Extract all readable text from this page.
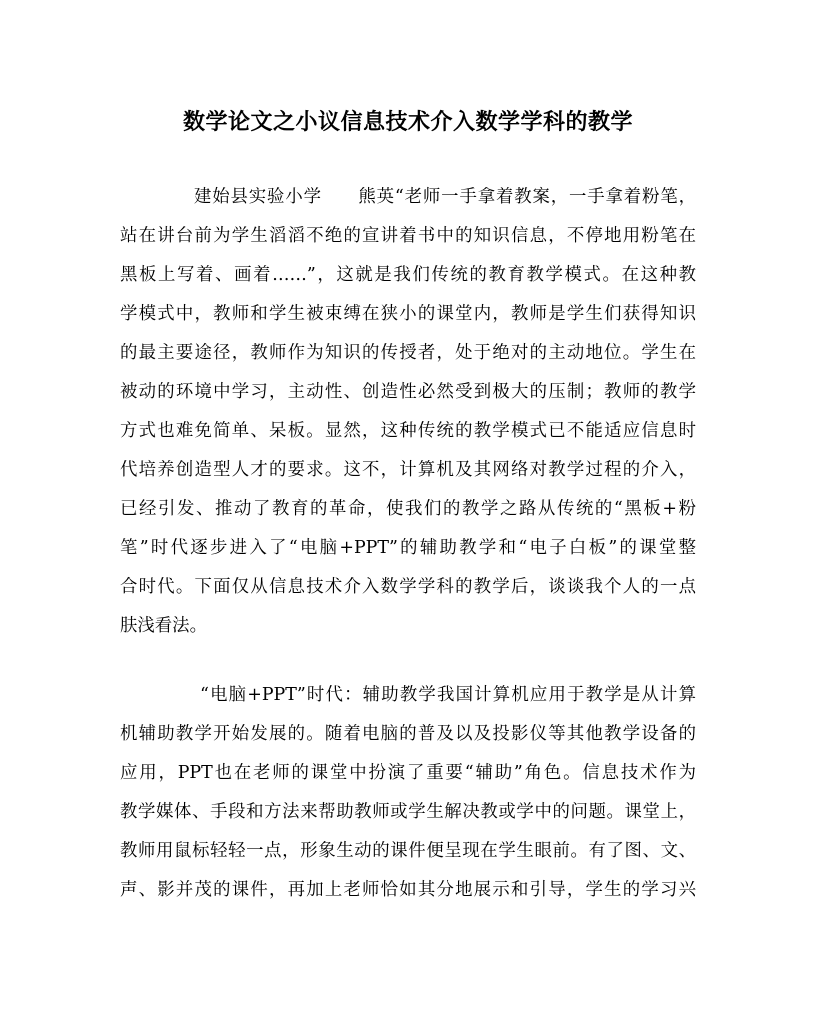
数学论文之小议信息技术介入数学学科的教学
建始县实验小学　　熊英“老师一手拿着教案，一手拿着粉笔，
站在讲台前为学生滔滔不绝的宣讲着书中的知识信息，不停地用粉笔在
黑板上写着、画着……”，这就是我们传统的教育教学模式。在这种教
学模式中，教师和学生被束缚在狭小的课堂内，教师是学生们获得知识
的最主要途径，教师作为知识的传授者，处于绝对的主动地位。学生在
被动的环境中学习，主动性、创造性必然受到极大的压制；教师的教学
方式也难免简单、呆板。显然，这种传统的教学模式已不能适应信息时
代培养创造型人才的要求。这不，计算机及其网络对教学过程的介入，
已经引发、推动了教育的革命，使我们的教学之路从传统的“黑板+粉
笔”时代逐步进入了“电脑+PPT”的辅助教学和“电子白板”的课堂整
合时代。下面仅从信息技术介入数学学科的教学后，谈谈我个人的一点
肤浅看法。
“电脑+PPT”时代：辅助教学我国计算机应用于教学是从计算
机辅助教学开始发展的。随着电脑的普及以及投影仪等其他教学设备的
应用，PPT也在老师的课堂中扮演了重要“辅助”角色。信息技术作为
教学媒体、手段和方法来帮助教师或学生解决教或学中的问题。课堂上，
教师用鼠标轻轻一点，形象生动的课件便呈现在学生眼前。有了图、文、
声、影并茂的课件，再加上老师恰如其分地展示和引导，学生的学习兴
